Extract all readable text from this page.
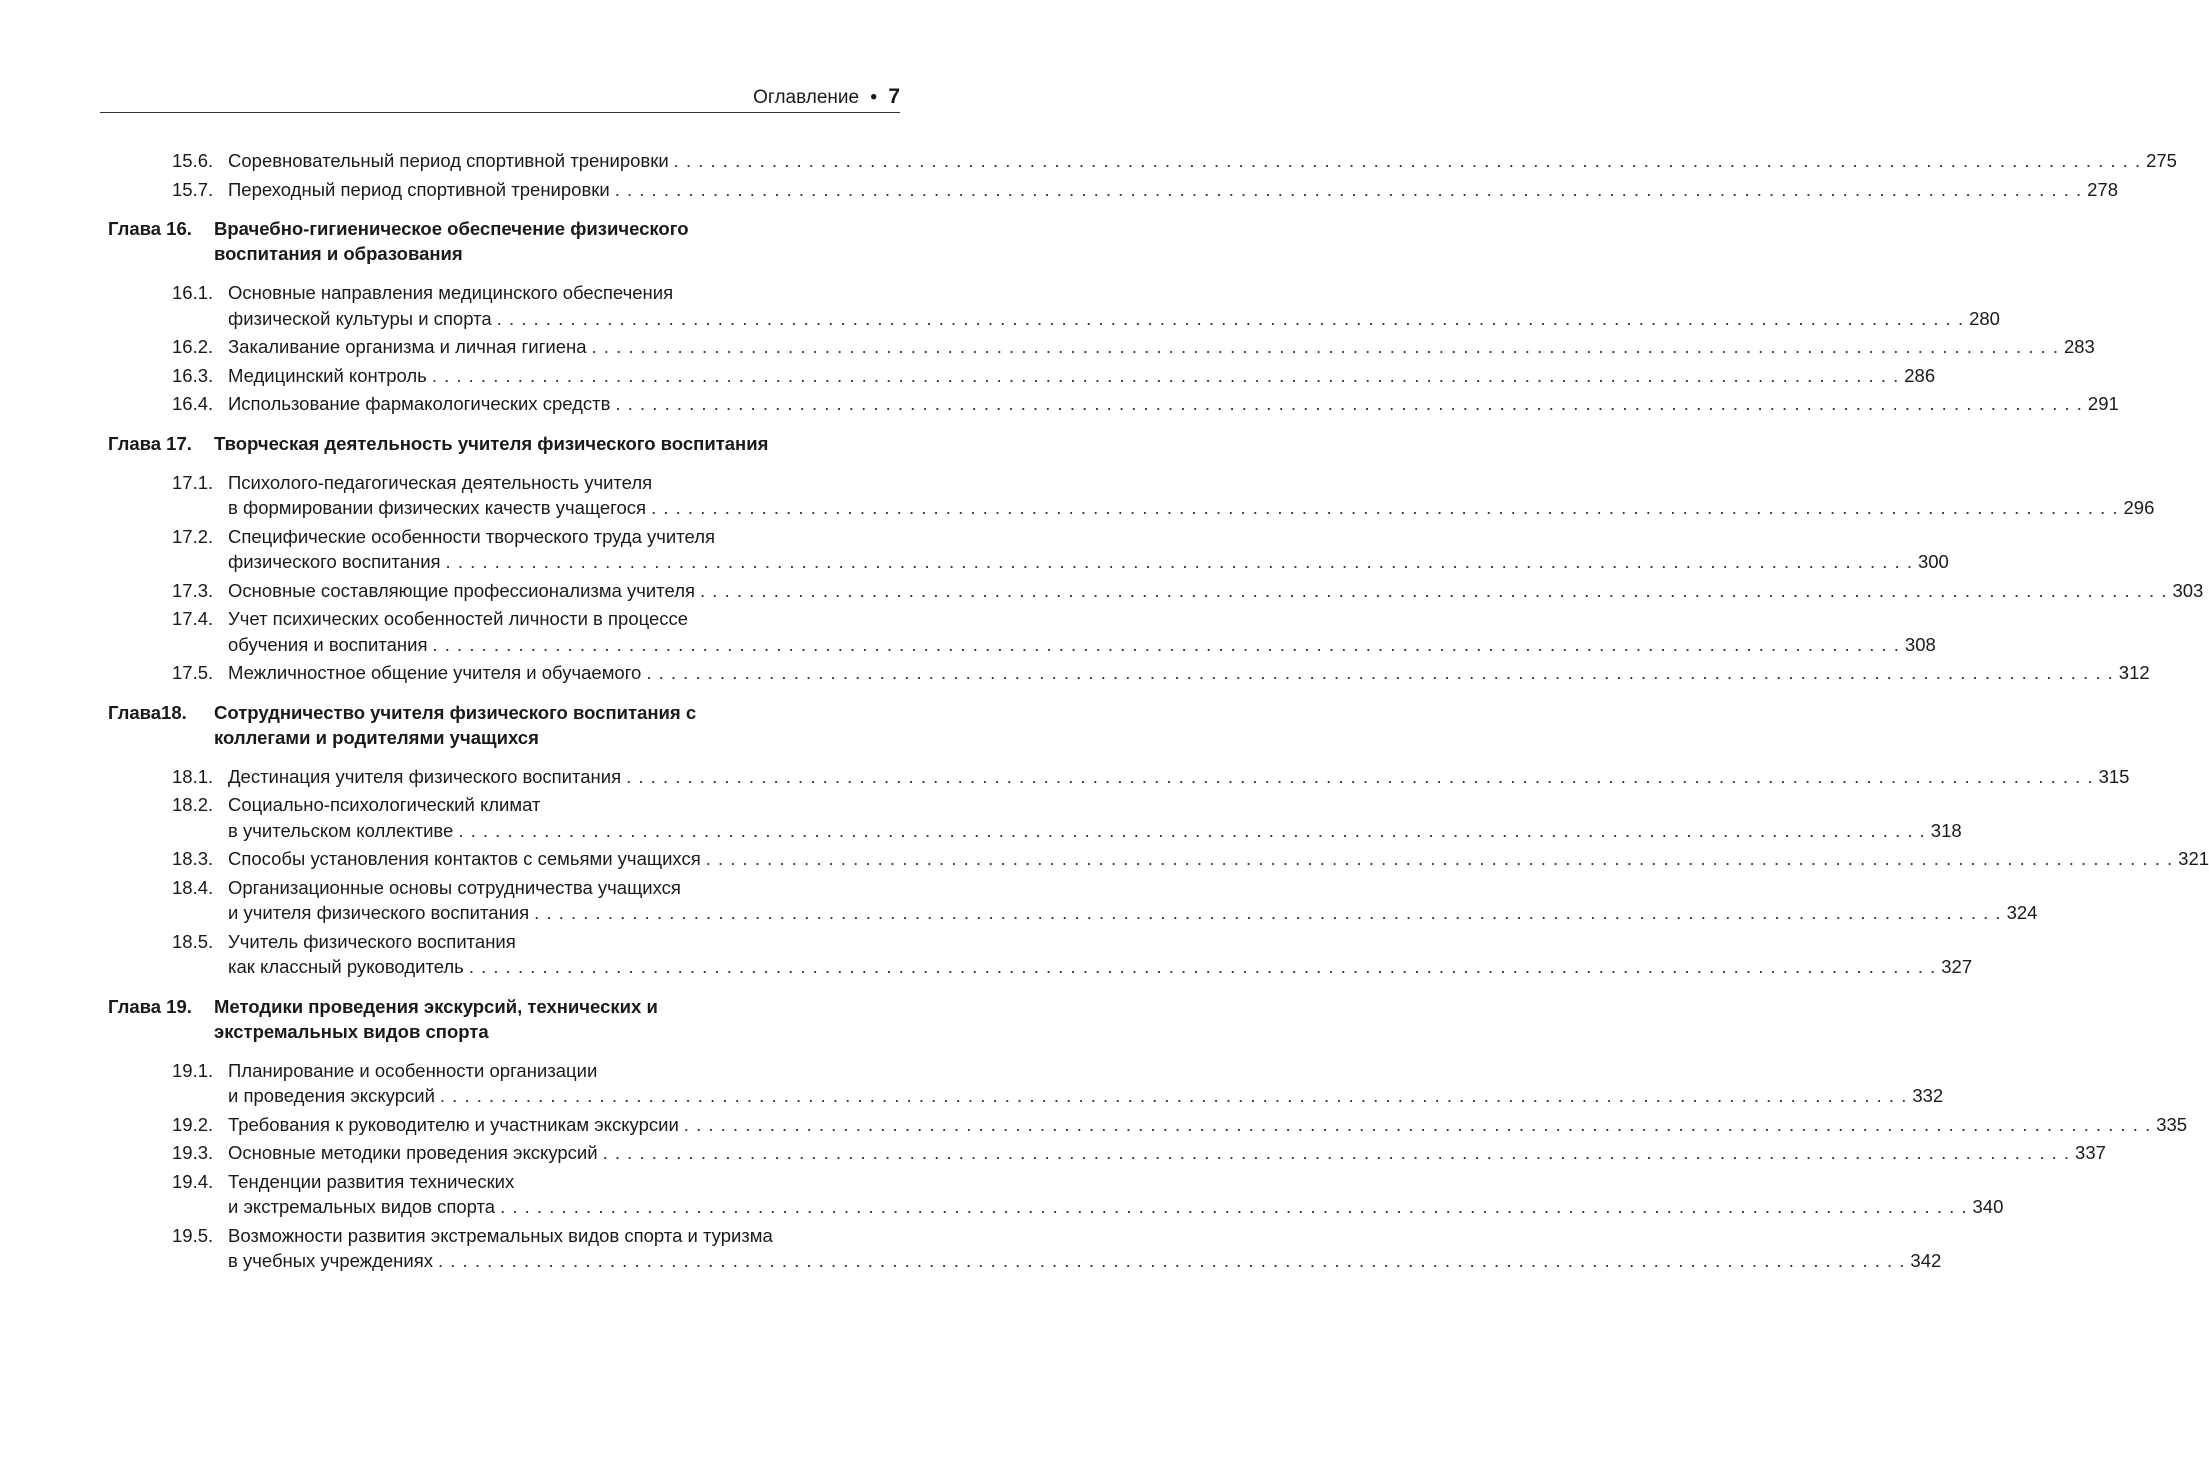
Оглавление • 7
15.6. Соревновательный период спортивной тренировки . . . . . . . . . . . . . . . . . . . . . . . . . . . . . . . . . . . . . . . . . . . . . . . . . . . . . . . . . . . . . . . . . . . . . . . . . . . . . . . . . . . . . . . . . . . . . . . . . . . . . . . . . . . . . . . . . . . . . . . . 275
15.7. Переходный период спортивной тренировки . . . . . . . . . . . . . . . . . . . . . . . . . . . . . . . . . . . . . . . . . . . . . . . . . . . . . . . . . . . . . . . . . . . . . . . . . . . . . . . . . . . . . . . . . . . . . . . . . . . . . . . . . . . . . . . . . . . . . . . . 278
Глава 16.	Врачебно-гигиеническое обеспечение физического воспитания и образования
16.1. Основные направления медицинского обеспечения
физической культуры и спорта . . . . . . . . . . . . . . . . . . . . . . . . . . . . . . . . . . . . . . . . . . . . . . . . . . . . . . . . . . . . . . . . . . . . . . . . . . . . . . . . . . . . . . . . . . . . . . . . . . . . . . . . . . . . . . . . . . . . . . . . 280
16.2. Закаливание организма и личная гигиена . . . . . . . . . . . . . . . . . . . . . . . . . . . . . . . . . . . . . . . . . . . . . . . . . . . . . . . . . . . . . . . . . . . . . . . . . . . . . . . . . . . . . . . . . . . . . . . . . . . . . . . . . . . . . . . . . . . . . . . . 283
16.3. Медицинский контроль . . . . . . . . . . . . . . . . . . . . . . . . . . . . . . . . . . . . . . . . . . . . . . . . . . . . . . . . . . . . . . . . . . . . . . . . . . . . . . . . . . . . . . . . . . . . . . . . . . . . . . . . . . . . . . . . . . . . . . . . 286
16.4. Использование фармакологических средств . . . . . . . . . . . . . . . . . . . . . . . . . . . . . . . . . . . . . . . . . . . . . . . . . . . . . . . . . . . . . . . . . . . . . . . . . . . . . . . . . . . . . . . . . . . . . . . . . . . . . . . . . . . . . . . . . . . . . . . . 291
Глава 17.	Творческая деятельность учителя физического воспитания
17.1. Психолого-педагогическая деятельность учителя
в формировании физических качеств учащегося . . . . . . . . . . . . . . . . . . . . . . . . . . . . . . . . . . . . . . . . . . . . . . . . . . . . . . . . . . . . . . . . . . . . . . . . . . . . . . . . . . . . . . . . . . . . . . . . . . . . . . . . . . . . . . . . . . . . . . . . 296
17.2. Специфические особенности творческого труда учителя
физического воспитания . . . . . . . . . . . . . . . . . . . . . . . . . . . . . . . . . . . . . . . . . . . . . . . . . . . . . . . . . . . . . . . . . . . . . . . . . . . . . . . . . . . . . . . . . . . . . . . . . . . . . . . . . . . . . . . . . . . . . . . . 300
17.3. Основные составляющие профессионализма учителя . . . . . . . . . . . . . . . . . . . . . . . . . . . . . . . . . . . . . . . . . . . . . . . . . . . . . . . . . . . . . . . . . . . . . . . . . . . . . . . . . . . . . . . . . . . . . . . . . . . . . . . . . . . . . . . . . . . . . . . . 303
17.4. Учет психических особенностей личности в процессе
обучения и воспитания . . . . . . . . . . . . . . . . . . . . . . . . . . . . . . . . . . . . . . . . . . . . . . . . . . . . . . . . . . . . . . . . . . . . . . . . . . . . . . . . . . . . . . . . . . . . . . . . . . . . . . . . . . . . . . . . . . . . . . . . 308
17.5. Межличностное общение учителя и обучаемого . . . . . . . . . . . . . . . . . . . . . . . . . . . . . . . . . . . . . . . . . . . . . . . . . . . . . . . . . . . . . . . . . . . . . . . . . . . . . . . . . . . . . . . . . . . . . . . . . . . . . . . . . . . . . . . . . . . . . . . . 312
Глава18.	Сотрудничество учителя физического воспитания с коллегами и родителями учащихся
18.1. Дестинация учителя физического воспитания . . . . . . . . . . . . . . . . . . . . . . . . . . . . . . . . . . . . . . . . . . . . . . . . . . . . . . . . . . . . . . . . . . . . . . . . . . . . . . . . . . . . . . . . . . . . . . . . . . . . . . . . . . . . . . . . . . . . . . . . 315
18.2. Социально-психологический климат
в учительском коллективе . . . . . . . . . . . . . . . . . . . . . . . . . . . . . . . . . . . . . . . . . . . . . . . . . . . . . . . . . . . . . . . . . . . . . . . . . . . . . . . . . . . . . . . . . . . . . . . . . . . . . . . . . . . . . . . . . . . . . . . . 318
18.3. Способы установления контактов с семьями учащихся . . . . . . . . . . . . . . . . . . . . . . . . . . . . . . . . . . . . . . . . . . . . . . . . . . . . . . . . . . . . . . . . . . . . . . . . . . . . . . . . . . . . . . . . . . . . . . . . . . . . . . . . . . . . . . . . . . . . . . . . 321
18.4. Организационные основы сотрудничества учащихся
и учителя физического воспитания . . . . . . . . . . . . . . . . . . . . . . . . . . . . . . . . . . . . . . . . . . . . . . . . . . . . . . . . . . . . . . . . . . . . . . . . . . . . . . . . . . . . . . . . . . . . . . . . . . . . . . . . . . . . . . . . . . . . . . . . 324
18.5. Учитель физического воспитания
как классный руководитель . . . . . . . . . . . . . . . . . . . . . . . . . . . . . . . . . . . . . . . . . . . . . . . . . . . . . . . . . . . . . . . . . . . . . . . . . . . . . . . . . . . . . . . . . . . . . . . . . . . . . . . . . . . . . . . . . . . . . . . . 327
Глава 19.	Методики проведения экскурсий, технических и экстремальных видов спорта
19.1. Планирование и особенности организации
и проведения экскурсий . . . . . . . . . . . . . . . . . . . . . . . . . . . . . . . . . . . . . . . . . . . . . . . . . . . . . . . . . . . . . . . . . . . . . . . . . . . . . . . . . . . . . . . . . . . . . . . . . . . . . . . . . . . . . . . . . . . . . . . . 332
19.2. Требования к руководителю и участникам экскурсии . . . . . . . . . . . . . . . . . . . . . . . . . . . . . . . . . . . . . . . . . . . . . . . . . . . . . . . . . . . . . . . . . . . . . . . . . . . . . . . . . . . . . . . . . . . . . . . . . . . . . . . . . . . . . . . . . . . . . . . . 335
19.3. Основные методики проведения экскурсий . . . . . . . . . . . . . . . . . . . . . . . . . . . . . . . . . . . . . . . . . . . . . . . . . . . . . . . . . . . . . . . . . . . . . . . . . . . . . . . . . . . . . . . . . . . . . . . . . . . . . . . . . . . . . . . . . . . . . . . . 337
19.4. Тенденции развития технических
и экстремальных видов спорта . . . . . . . . . . . . . . . . . . . . . . . . . . . . . . . . . . . . . . . . . . . . . . . . . . . . . . . . . . . . . . . . . . . . . . . . . . . . . . . . . . . . . . . . . . . . . . . . . . . . . . . . . . . . . . . . . . . . . . . . 340
19.5. Возможности развития экстремальных видов спорта и туризма
в учебных учреждениях . . . . . . . . . . . . . . . . . . . . . . . . . . . . . . . . . . . . . . . . . . . . . . . . . . . . . . . . . . . . . . . . . . . . . . . . . . . . . . . . . . . . . . . . . . . . . . . . . . . . . . . . . . . . . . . . . . . . . . . . 342
